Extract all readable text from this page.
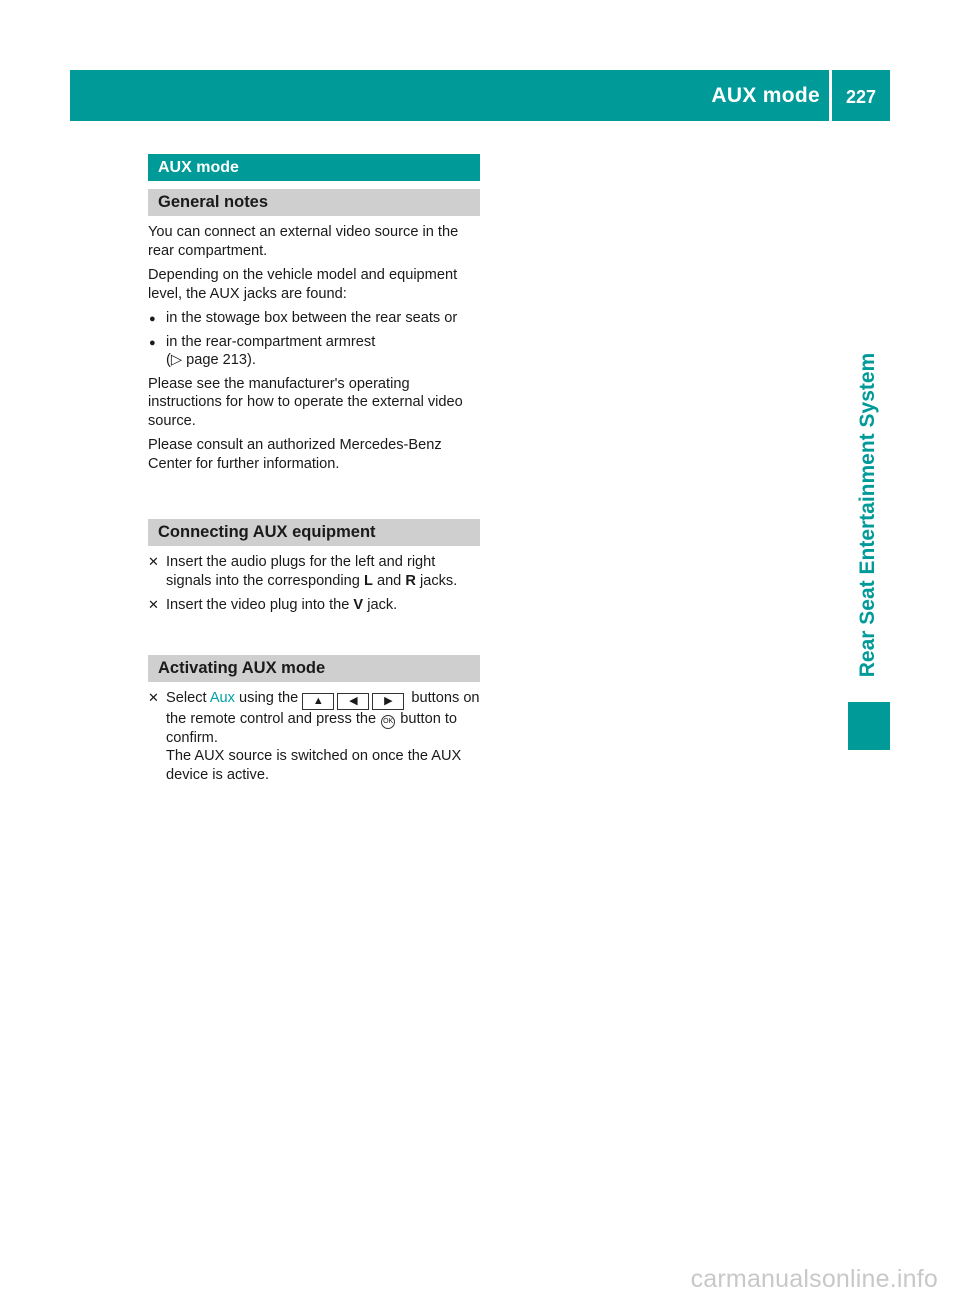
AUX mode	227
Rear Seat Entertainment System
AUX mode
General notes

You can connect an external video source in the rear compartment.

Depending on the vehicle model and equipment level, the AUX jacks are found:

● in the stowage box between the rear seats or
● in the rear-compartment armrest
(▷ page 213).

Please see the manufacturer's operating instructions for how to operate the external video source.

Please consult an authorized Mercedes-Benz Center for further information.

Connecting AUX equipment
✕ Insert the audio plugs for the left and right signals into the corresponding L and R jacks.
✕ Insert the video plug into the V jack.
Activating AUX mode
✕ Select Aux using the ▲ ◀ ▶ buttons on the remote control and press the OK button to confirm.
The AUX source is switched on once the AUX device is active.
carmanualsonline.info
